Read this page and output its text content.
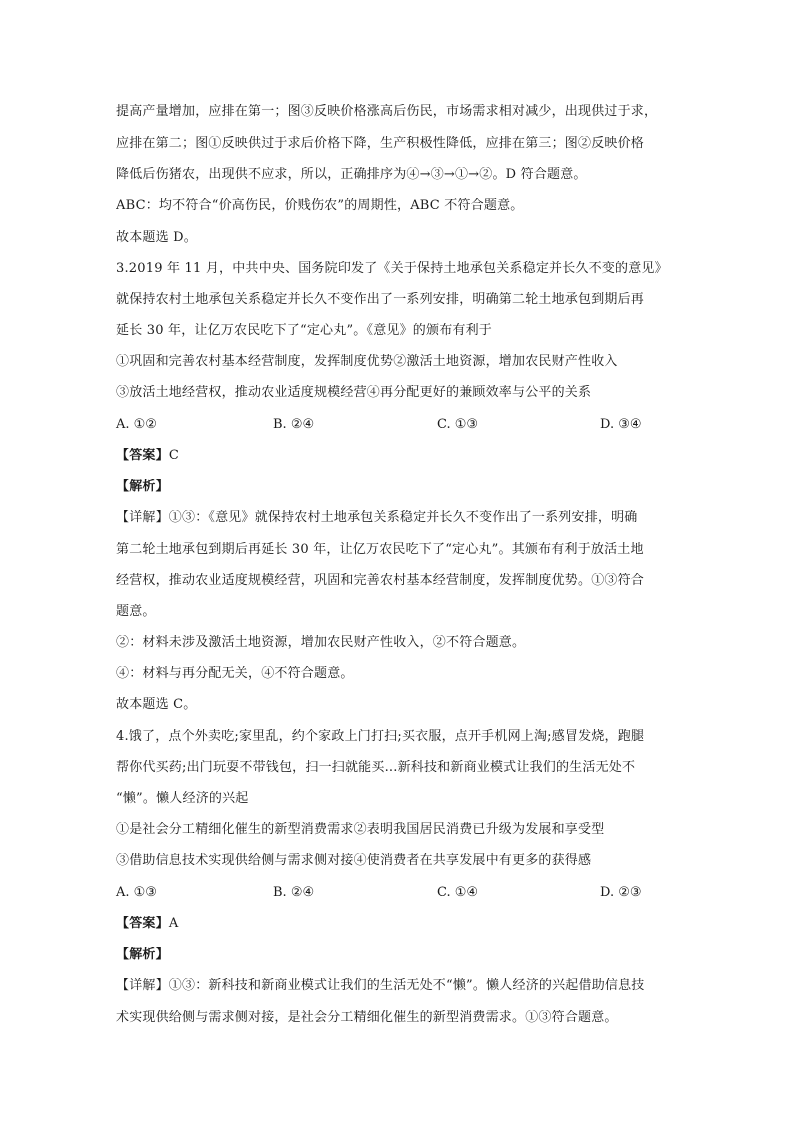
提高产量增加，应排在第一；图③反映价格涨高后伤民，市场需求相对减少，出现供过于求，
应排在第二；图①反映供过于求后价格下降，生产积极性降低，应排在第三；图②反映价格
降低后伤猪农，出现供不应求，所以，正确排序为④→③→①→②。D 符合题意。
ABC：均不符合“价高伤民，价贱伤农”的周期性，ABC 不符合题意。
故本题选 D。
3.2019 年 11 月，中共中央、国务院印发了《关于保持土地承包关系稳定并长久不变的意见》
就保持农村土地承包关系稳定并长久不变作出了一系列安排，明确第二轮土地承包到期后再
延长 30 年，让亿万农民吃下了“定心丸”。《意见》的颁布有利于
①巩固和完善农村基本经营制度，发挥制度优势②激活土地资源，增加农民财产性收入
③放活土地经营权，推动农业适度规模经营④再分配更好的兼顾效率与公平的关系
A. ①②	B. ②④	C. ①③	D. ③④
【答案】C
【解析】
【详解】①③：《意见》就保持农村土地承包关系稳定并长久不变作出了一系列安排，明确
第二轮土地承包到期后再延长 30 年，让亿万农民吃下了“定心丸”。其颁布有利于放活土地
经营权，推动农业适度规模经营，巩固和完善农村基本经营制度，发挥制度优势。①③符合
题意。
②：材料未涉及激活土地资源，增加农民财产性收入，②不符合题意。
④：材料与再分配无关，④不符合题意。
故本题选 C。
4.饿了，点个外卖吃;家里乱，约个家政上门打扫;买衣服，点开手机网上淘;感冒发烧，跑腿
帮你代买药;出门玩耍不带钱包，扫一扫就能买...新科技和新商业模式让我们的生活无处不
“懒”。懒人经济的兴起
①是社会分工精细化催生的新型消费需求②表明我国居民消费已升级为发展和享受型
③借助信息技术实现供给侧与需求侧对接④使消费者在共享发展中有更多的获得感
A. ①③	B. ②④	C. ①④	D. ②③
【答案】A
【解析】
【详解】①③：新科技和新商业模式让我们的生活无处不“懒”。懒人经济的兴起借助信息技
术实现供给侧与需求侧对接，是社会分工精细化催生的新型消费需求。①③符合题意。
